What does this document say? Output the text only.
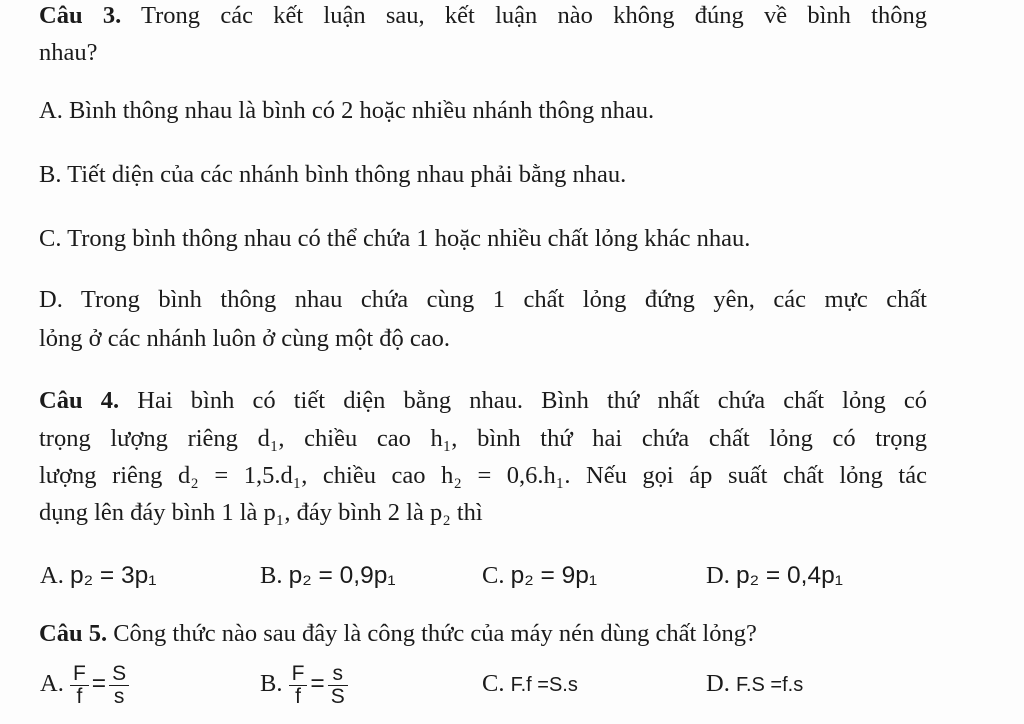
Câu 3. Trong các kết luận sau, kết luận nào không đúng về bình thông
nhau?
A. Bình thông nhau là bình có 2 hoặc nhiều nhánh thông nhau.
B. Tiết diện của các nhánh bình thông nhau phải bằng nhau.
C. Trong bình thông nhau có thể chứa 1 hoặc nhiều chất lỏng khác nhau.
D. Trong bình thông nhau chứa cùng 1 chất lỏng đứng yên, các mực chất
lỏng ở các nhánh luôn ở cùng một độ cao.
Câu 4. Hai bình có tiết diện bằng nhau. Bình thứ nhất chứa chất lỏng có
trọng lượng riêng d₁, chiều cao h₁, bình thứ hai chứa chất lỏng có trọng
lượng riêng d₂ = 1,5.d₁, chiều cao h₂ = 0,6.h₁. Nếu gọi áp suất chất lỏng tác
dụng lên đáy bình 1 là p₁, đáy bình 2 là p₂ thì
A. p₂ = 3p₁	B. p₂ = 0,9p₁	C. p₂ = 9p₁	D. p₂ = 0,4p₁
Câu 5. Công thức nào sau đây là công thức của máy nén dùng chất lỏng?
A. $\frac{F}{f} = \frac{S}{s}$	B. $\frac{F}{f} = \frac{s}{S}$	C. F.f =S.s	D. F.S =f.s
